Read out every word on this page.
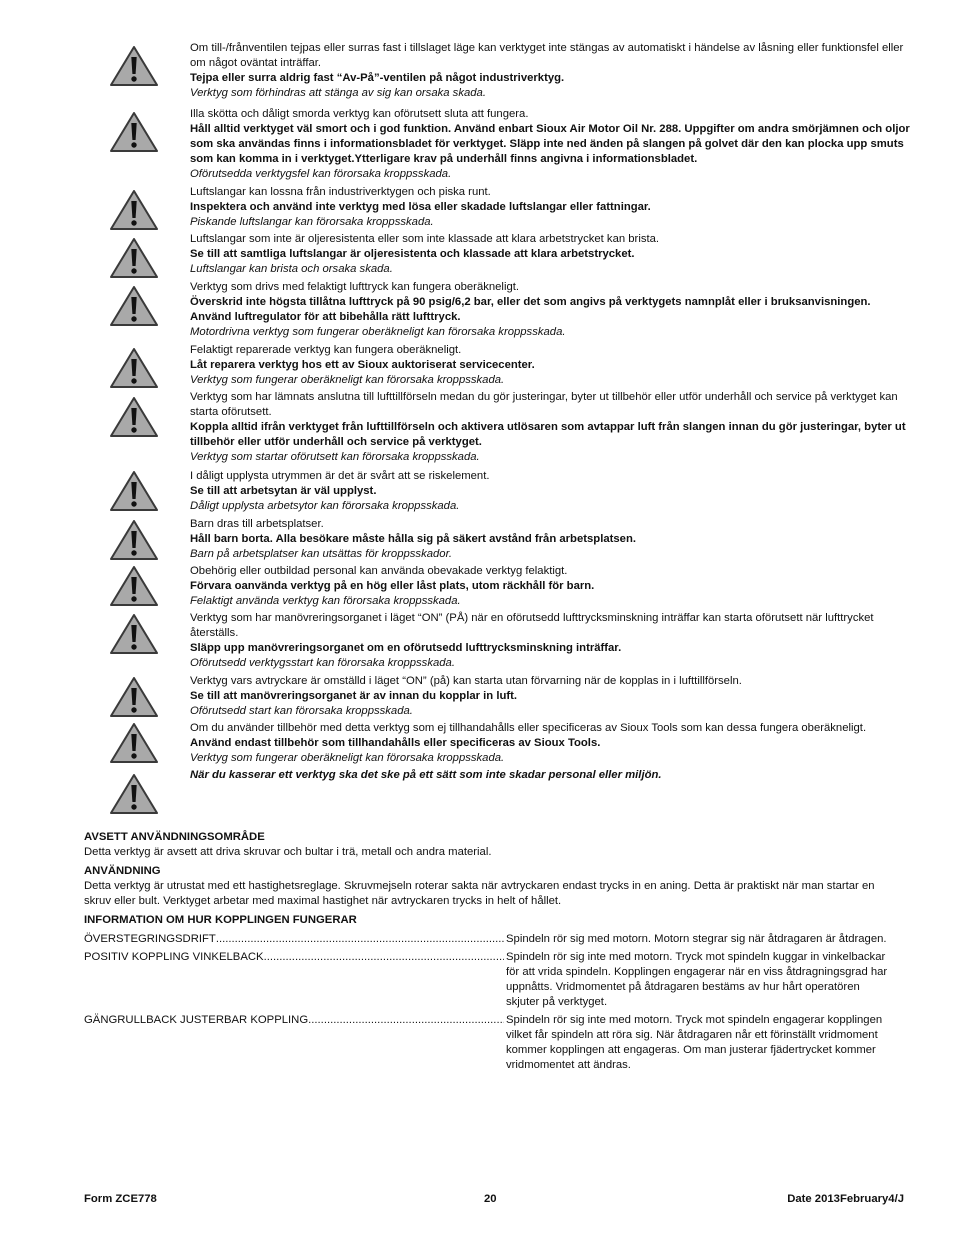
Om till-/frånventilen tejpas eller surras fast i tillslaget läge kan verktyget inte stängas av automatiskt i händelse av låsning eller funktionsfel eller om något oväntat inträffar.

Tejpa eller surra aldrig fast “Av-På”-ventilen på något industriverktyg.

Verktyg som förhindras att stänga av sig kan orsaka skada.

Illa skötta och dåligt smorda verktyg kan oförutsett sluta att fungera.

Håll alltid verktyget väl smort och i god funktion. Använd enbart Sioux Air Motor Oil Nr. 288. Uppgifter om andra smörjämnen och oljor som ska användas finns i informationsbladet för verktyget. Släpp inte ned änden på slangen på golvet där den kan plocka upp smuts som kan komma in i verktyget.Ytterligare krav på underhåll finns angivna i informationsbladet.

Oförutsedda verktygsfel kan förorsaka kroppsskada.

Luftslangar kan lossna från industriverktygen och piska runt.

Inspektera och använd inte verktyg med lösa eller skadade luftslangar eller fattningar.

Piskande luftslangar kan förorsaka kroppsskada.

Luftslangar som inte är oljeresistenta eller som inte klassade att klara arbetstrycket kan brista.

Se till att samtliga luftslangar är oljeresistenta och klassade att klara arbetstrycket.

Luftslangar kan brista och orsaka skada.

Verktyg som drivs med felaktigt lufttryck kan fungera oberäkneligt.

Överskrid inte högsta tillåtna lufttryck på 90 psig/6,2 bar, eller det som angivs på verktygets namnplåt eller i bruksanvisningen. Använd luftregulator för att bibehålla rätt lufttryck.

Motordrivna verktyg som fungerar oberäkneligt kan förorsaka kroppsskada.

Felaktigt reparerade verktyg kan fungera oberäkneligt.

Låt reparera verktyg hos ett av Sioux auktoriserat servicecenter.

Verktyg som fungerar oberäkneligt kan förorsaka kroppsskada.

Verktyg som har lämnats anslutna till lufttillförseln medan du gör justeringar, byter ut tillbehör eller utför underhåll och service på verktyget kan starta oförutsett.

Koppla alltid ifrån verktyget från lufttillförseln och aktivera utlösaren som avtappar luft från slangen innan du gör justeringar, byter ut tillbehör eller utför underhåll och service på verktyget.

Verktyg som startar oförutsett kan förorsaka kroppsskada.

I dåligt upplysta utrymmen är det är svårt att se riskelement.

Se till att arbetsytan är väl upplyst.

Dåligt upplysta arbetsytor kan förorsaka kroppsskada.

Barn dras till arbetsplatser.

Håll barn borta. Alla besökare måste hålla sig på säkert avstånd från arbetsplatsen.

Barn på arbetsplatser kan utsättas för kroppsskador.

Obehörig eller outbildad personal kan använda obevakade verktyg felaktigt.

Förvara oanvända verktyg på en hög eller låst plats, utom räckhåll för barn.

Felaktigt använda verktyg kan förorsaka kroppsskada.

Verktyg som har manövreringsorganet i läget “ON” (PÅ) när en oförutsedd lufttrycksminskning inträffar kan starta oförutsett när lufttrycket återställs.

Släpp upp manövreringsorganet om en oförutsedd lufttrycksminskning inträffar.

Oförutsedd verktygsstart kan förorsaka kroppsskada.

Verktyg vars avtryckare är omställd i läget “ON” (på) kan starta utan förvarning när de kopplas in i lufttillförseln.

Se till att manövreringsorganet är av innan du kopplar in luft.

Oförutsedd start kan förorsaka kroppsskada.

Om du använder tillbehör med detta verktyg som ej tillhandahålls eller specificeras av Sioux Tools som kan dessa fungera oberäkneligt.

Använd endast tillbehör som tillhandahålls eller specificeras av Sioux Tools.

Verktyg som fungerar oberäkneligt kan förorsaka kroppsskada.

När du kasserar ett verktyg ska det ske på ett sätt som inte skadar personal eller miljön.

AVSETT ANVÄNDNINGSOMRÅDE

Detta verktyg är avsett att driva skruvar och bultar i trä, metall och andra material.

ANVÄNDNING

Detta verktyg är utrustat med ett hastighetsreglage. Skruvmejseln roterar sakta när avtryckaren endast trycks in en aning. Detta är praktiskt när man startar en skruv eller bult. Verktyget arbetar med maximal hastighet när avtryckaren trycks in helt of hållet.

INFORMATION OM HUR KOPPLINGEN FUNGERAR

ÖVERSTEGRINGSDRIFT .....	Spindeln rör sig med motorn. Motorn stegrar sig när åtdragaren är åtdragen.
POSITIV KOPPLING VINKELBACK .....	Spindeln rör sig inte med motorn. Tryck mot spindeln kuggar in vinkelbackar för att vrida spindeln. Kopplingen engagerar när en viss åtdragningsgrad har uppnåtts. Vridmomentet på åtdragaren bestäms av hur hårt operatören skjuter på verktyget.
GÄNGRULLBACK JUSTERBAR KOPPLING .....	Spindeln rör sig inte med motorn. Tryck mot spindeln engagerar kopplingen vilket får spindeln att röra sig. När åtdragaren når ett förinställt vridmoment kommer kopplingen att engageras. Om man justerar fjädertrycket kommer vridmomentet att ändras.
Form ZCE778	20	Date 2013February4/J
